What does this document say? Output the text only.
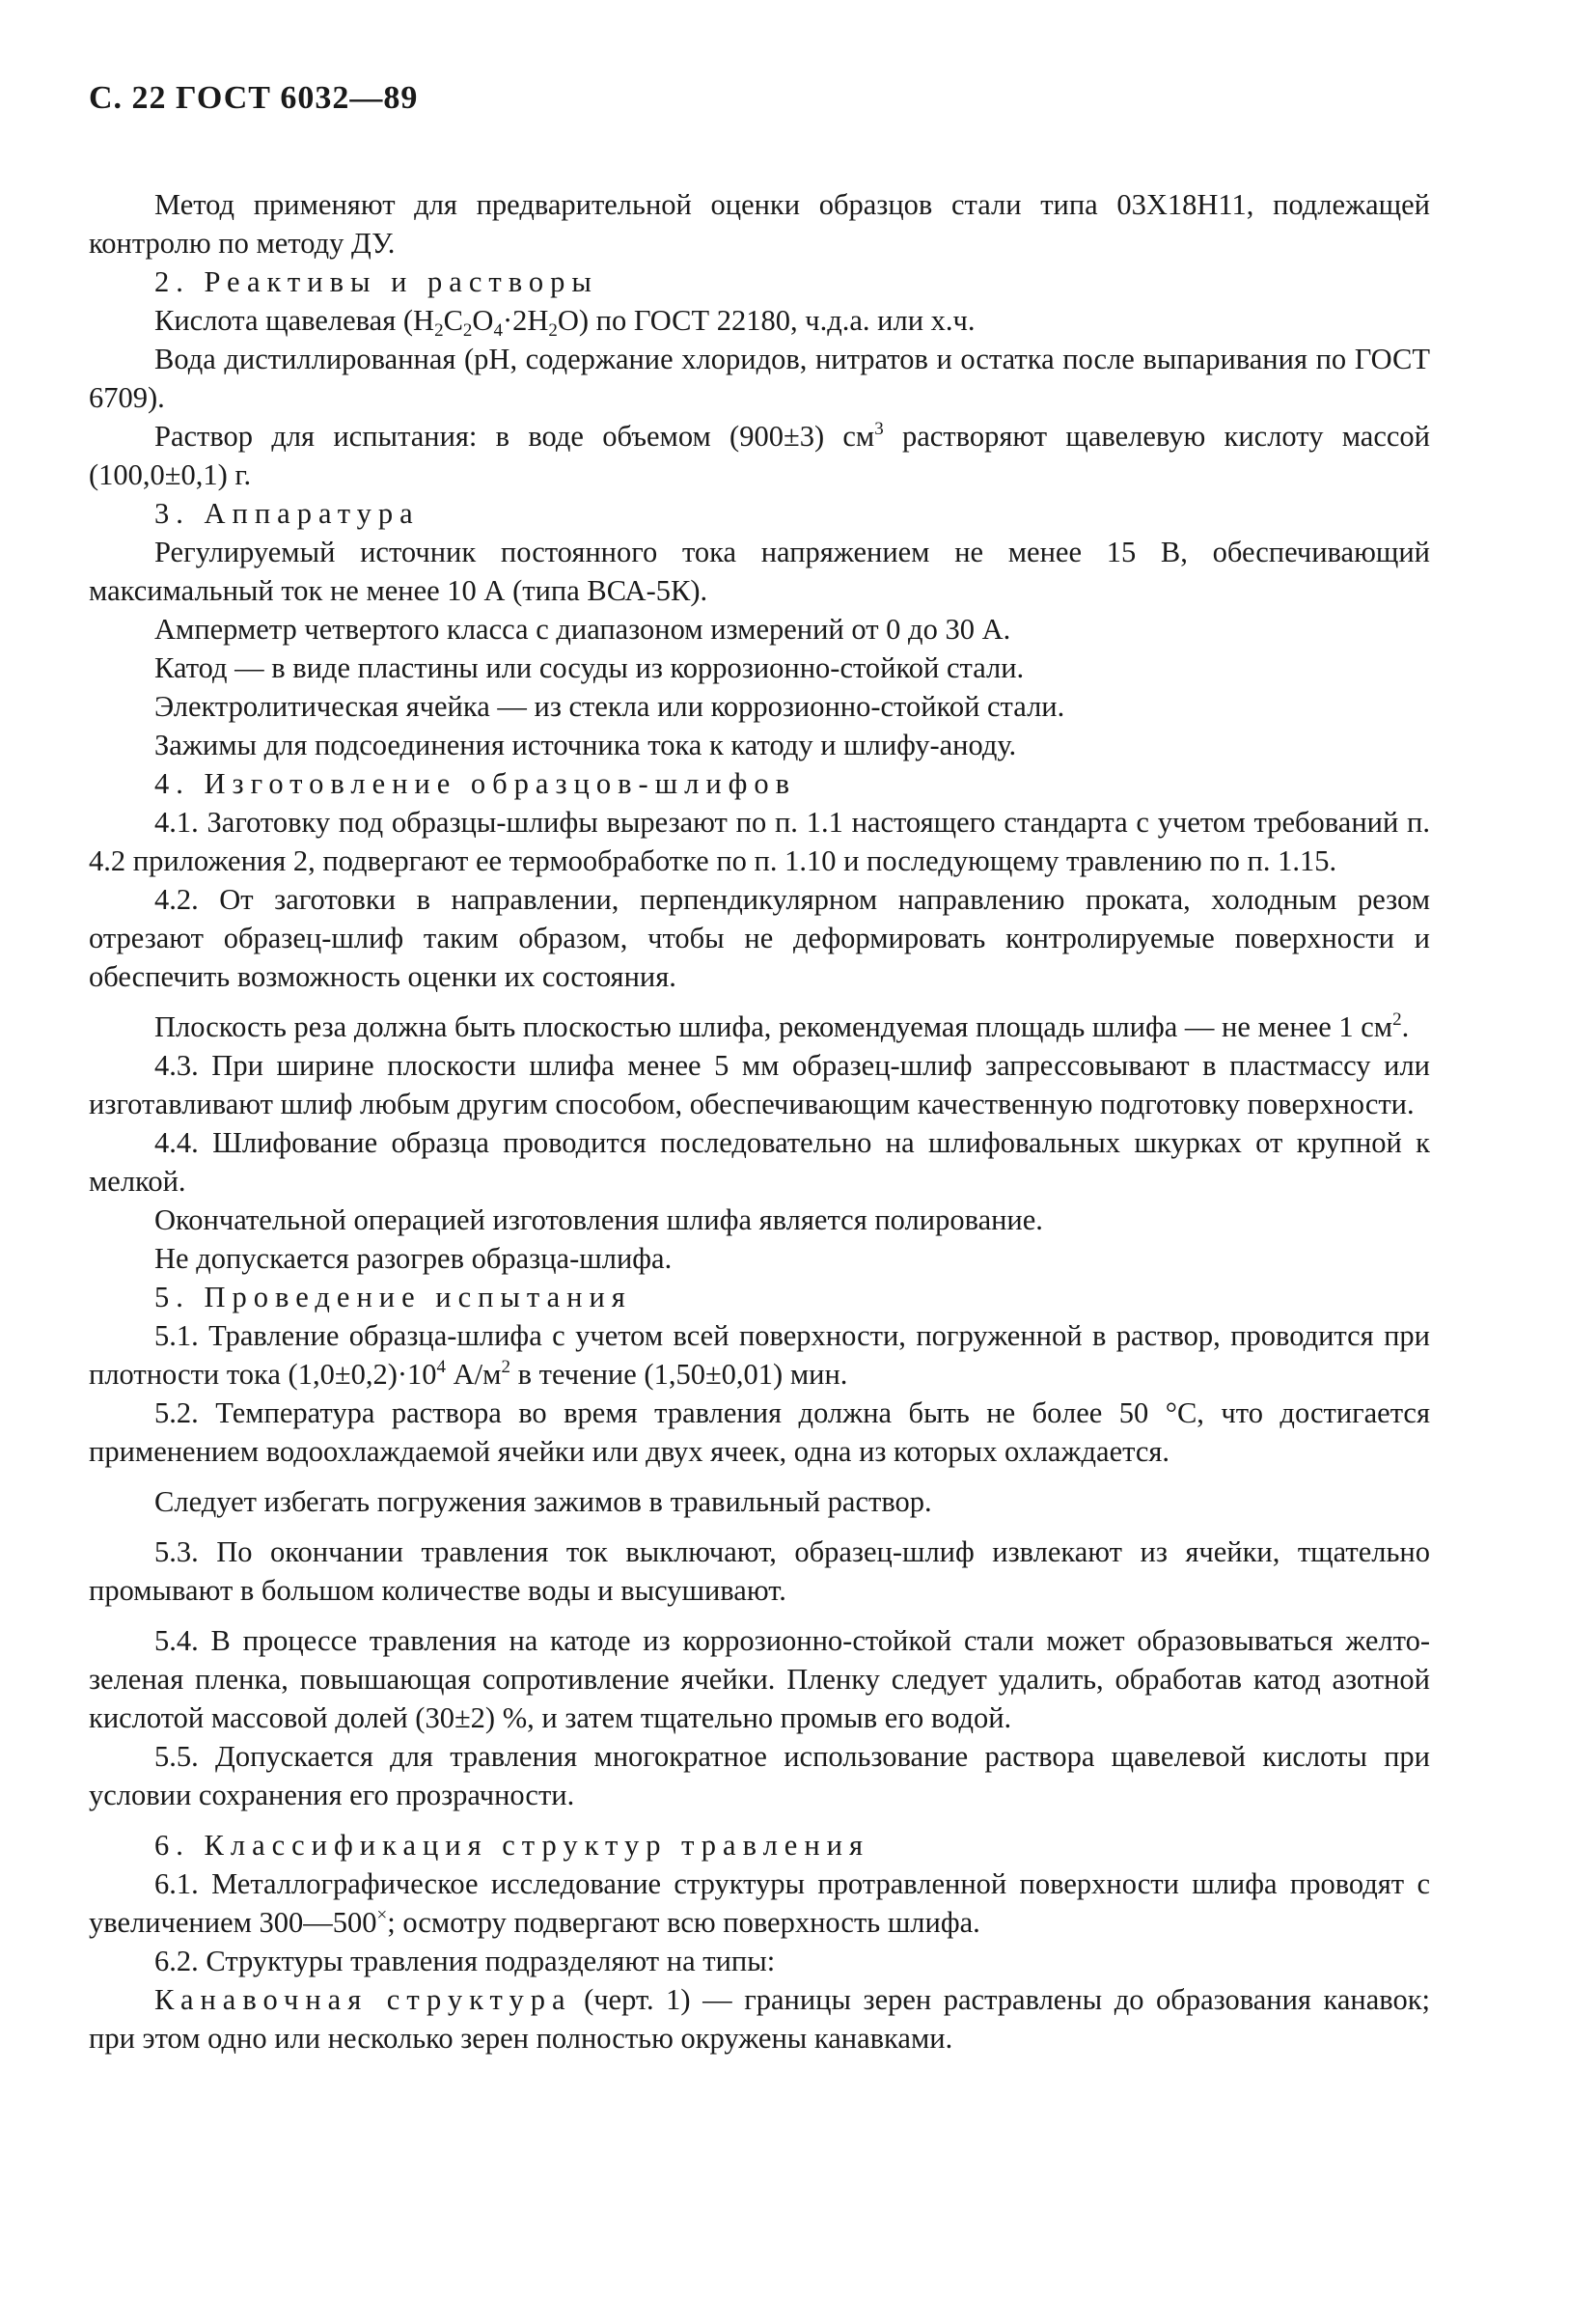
С. 22 ГОСТ 6032—89

Метод применяют для предварительной оценки образцов стали типа 03Х18Н11, подлежащей контролю по методу ДУ.

2. Реактивы и растворы

Кислота щавелевая $(H_2C_2O_4\cdot 2H_2O)$ по ГОСТ 22180, ч.д.а. или х.ч.

Вода дистиллированная (рН, содержание хлоридов, нитратов и остатка после выпаривания по ГОСТ 6709).

Раствор для испытания: в воде объемом (900±3) $см^3$ растворяют щавелевую кислоту массой (100,0±0,1) г.

3. Аппаратура

Регулируемый источник постоянного тока напряжением не менее 15 В, обеспечивающий максимальный ток не менее 10 А (типа ВСА-5К).

Амперметр четвертого класса с диапазоном измерений от 0 до 30 А.

Катод — в виде пластины или сосуды из коррозионно-стойкой стали.

Электролитическая ячейка — из стекла или коррозионно-стойкой стали.

Зажимы для подсоединения источника тока к катоду и шлифу-аноду.

4. Изготовление образцов-шлифов

4.1. Заготовку под образцы-шлифы вырезают по п. 1.1 настоящего стандарта с учетом требований п. 4.2 приложения 2, подвергают ее термообработке по п. 1.10 и последующему травлению по п. 1.15.

4.2. От заготовки в направлении, перпендикулярном направлению проката, холодным резом отрезают образец-шлиф таким образом, чтобы не деформировать контролируемые поверхности и обеспечить возможность оценки их состояния.

Плоскость реза должна быть плоскостью шлифа, рекомендуемая площадь шлифа — не менее 1 $см^2$.

4.3. При ширине плоскости шлифа менее 5 мм образец-шлиф запрессовывают в пластмассу или изготавливают шлиф любым другим способом, обеспечивающим качественную подготовку поверхности.

4.4. Шлифование образца проводится последовательно на шлифовальных шкурках от крупной к мелкой.

Окончательной операцией изготовления шлифа является полирование.

Не допускается разогрев образца-шлифа.

5. Проведение испытания

5.1. Травление образца-шлифа с учетом всей поверхности, погруженной в раствор, проводится при плотности тока $(1,0\pm 0,2)\cdot 10^4$ $А/м^2$ в течение (1,50±0,01) мин.

5.2. Температура раствора во время травления должна быть не более 50 °С, что достигается применением водоохлаждаемой ячейки или двух ячеек, одна из которых охлаждается.

Следует избегать погружения зажимов в травильный раствор.

5.3. По окончании травления ток выключают, образец-шлиф извлекают из ячейки, тщательно промывают в большом количестве воды и высушивают.

5.4. В процессе травления на катоде из коррозионно-стойкой стали может образовываться желто-зеленая пленка, повышающая сопротивление ячейки. Пленку следует удалить, обработав катод азотной кислотой массовой долей (30±2) %, и затем тщательно промыв его водой.

5.5. Допускается для травления многократное использование раствора щавелевой кислоты при условии сохранения его прозрачности.

6. Классификация структур травления

6.1. Металлографическое исследование структуры протравленной поверхности шлифа проводят с увеличением 300—500×; осмотру подвергают всю поверхность шлифа.

6.2. Структуры травления подразделяют на типы:

Канавочная структура (черт. 1) — границы зерен растравлены до образования канавок; при этом одно или несколько зерен полностью окружены канавками.
